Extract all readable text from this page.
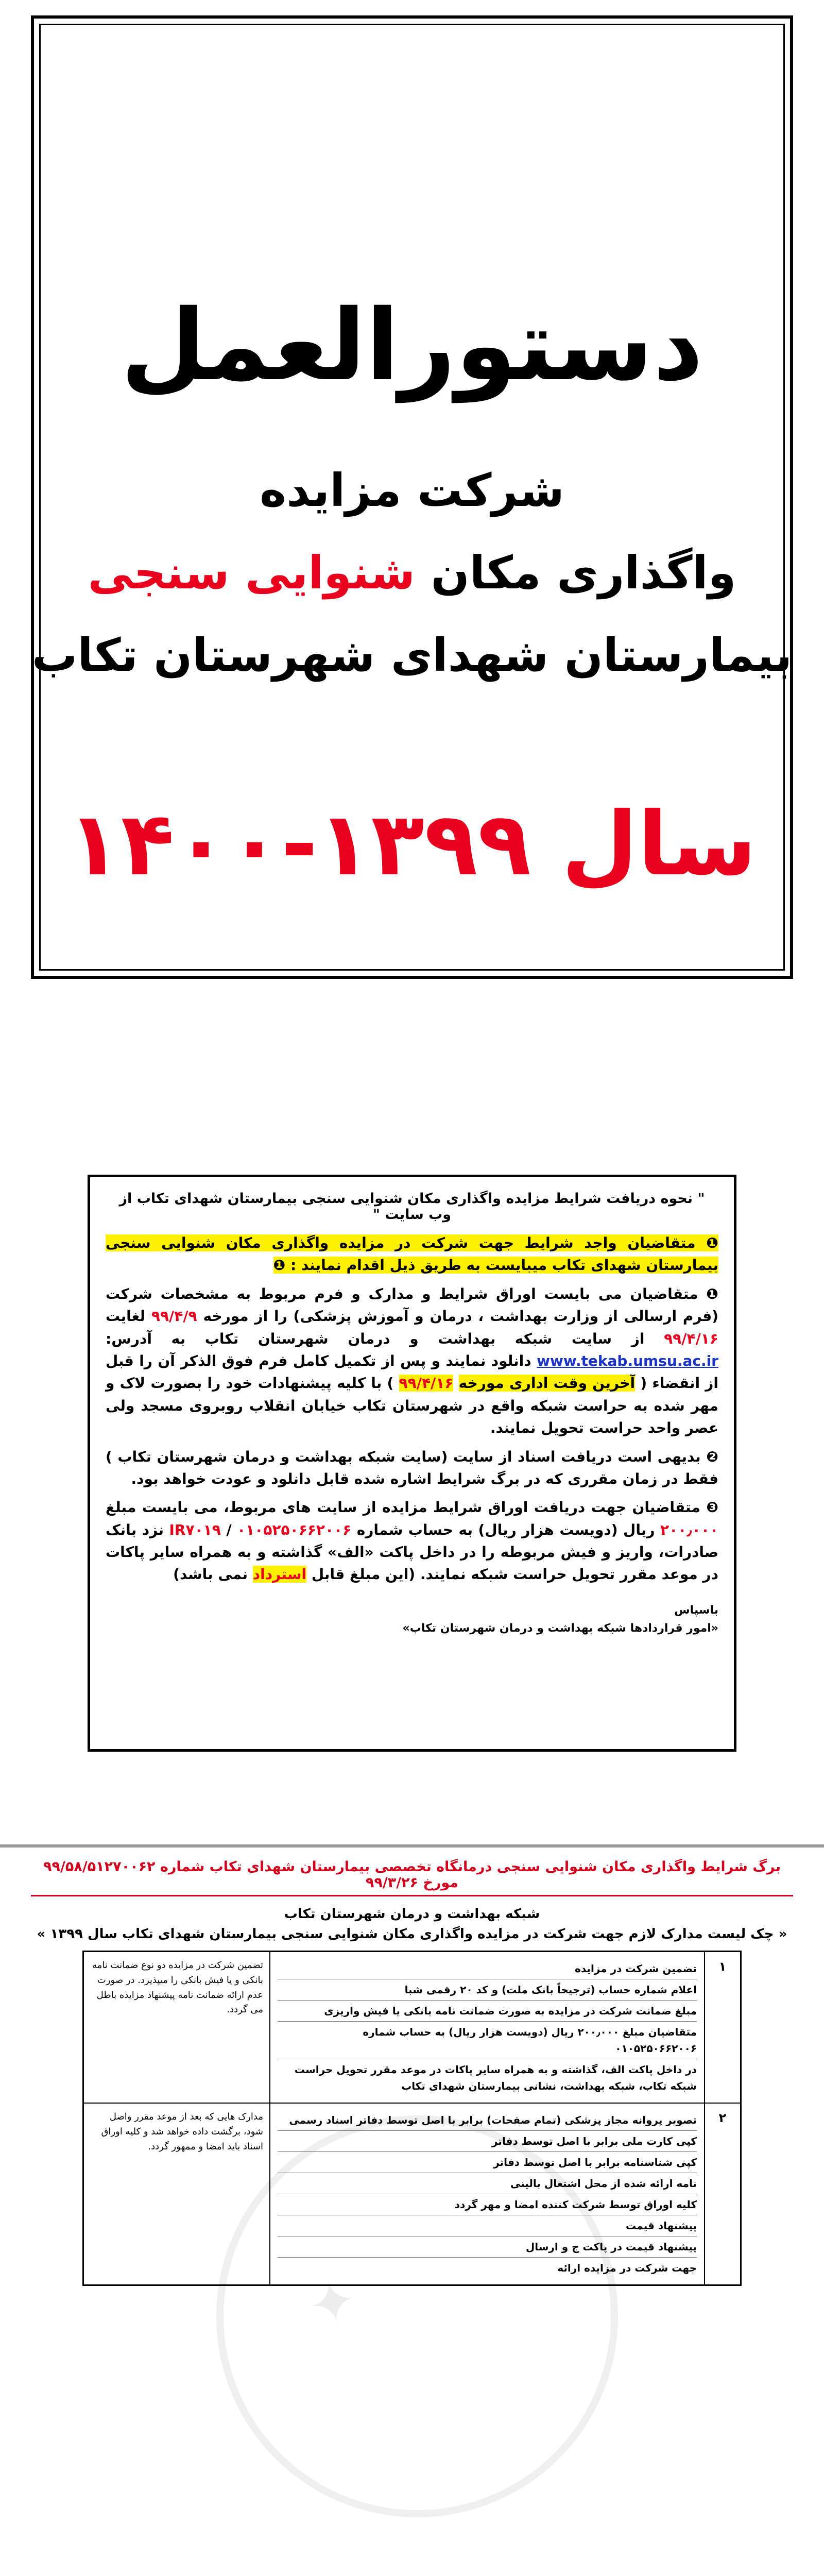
دستورالعمل
شرکت مزایده
واگذاری مکان شنوایی سنجی
بیمارستان شهدای شهرستان تکاب
سال ۱۳۹۹-۱۴۰۰
" نحوه دریافت شرایط مزایده واگذاری مکان شنوایی سنجی بیمارستان شهدای تکاب از وب سایت "

❶ متقاضیان واجد شرایط جهت شرکت در مزایده واگذاری مکان شنوایی سنجی بیمارستان شهدای تکاب میبایست به طریق ذیل اقدام نمایند : ❶

❶ متقاضیان می بایست اوراق شرایط و مدارک و فرم مربوط به مشخصات شرکت (فرم ارسالی از وزارت بهداشت ، درمان و آموزش پزشکی) را از مورخه ۹۹/۴/۹ لغایت ۹۹/۴/۱۶ از سایت شبکه بهداشت و درمان شهرستان تکاب به آدرس: www.tekab.umsu.ac.ir دانلود نمایند و پس از تکمیل کامل فرم فوق الذکر آن را قبل از انقضاء ( آخرین وقت اداری مورخه ۹۹/۴/۱۶ ) با کلیه پیشنهادات خود را بصورت لاک و مهر شده به حراست شبکه واقع در شهرستان تکاب خیابان انقلاب روبروی مسجد ولی عصر واحد حراست تحویل نمایند.

❷ بدیهی است دریافت اسناد از سایت (سایت شبکه بهداشت و درمان شهرستان تکاب ) فقط در زمان مقرری که در برگ شرایط اشاره شده قابل دانلود و عودت خواهد بود.

❸ متقاضیان جهت دریافت اوراق شرایط مزایده از سایت های مربوط، می بایست مبلغ ۲۰۰٫۰۰۰ ریال (دویست هزار ریال) به حساب شماره ۰۱۰۵۲۵۰۶۶۲۰۰۶ / IR۷۰۱۹ نزد بانک صادرات، واریز و فیش مربوطه را در داخل پاکت «الف» گذاشته و به همراه سایر پاکات در موعد مقرر تحویل حراست شبکه نمایند. (این مبلغ قابل استرداد نمی باشد)

باسپاس
«امور قراردادها شبکه بهداشت و درمان شهرستان تکاب»
برگ شرایط واگذاری مکان شنوایی سنجی درمانگاه تخصصی بیمارستان شهدای تکاب شماره ۹۹/۵۸/۵۱۲۷۰۰۶۲ مورخ ۹۹/۳/۲۶
✦
شبکه بهداشت و درمان شهرستان تکاب
« چک لیست مدارک لازم جهت شرکت در مزایده واگذاری مکان شنوایی سنجی بیمارستان شهدای تکاب سال ۱۳۹۹ »
۱
تضمین شرکت در مزایده
اعلام شماره حساب (ترجیحاً بانک ملت) و کد ۲۰ رقمی شبا
مبلغ ضمانت شرکت در مزایده به صورت ضمانت نامه بانکی یا فیش واریزی
متقاضیان مبلغ ۲۰۰٫۰۰۰ ریال (دویست هزار ریال) به حساب شماره ۰۱۰۵۲۵۰۶۶۲۰۰۶
در داخل پاکت الف، گذاشته و به همراه سایر پاکات در موعد مقرر تحویل حراست شبکه تکاب، شبکه بهداشت، نشانی بیمارستان شهدای تکاب
تضمین شرکت در مزایده دو نوع ضمانت نامه بانکی و یا فیش بانکی را میپذیرد. در صورت عدم ارائه ضمانت نامه پیشنهاد مزایده باطل می گردد.
۲
تصویر پروانه مجاز پزشکی (تمام صفحات) برابر با اصل توسط دفاتر اسناد رسمی
کپی کارت ملی برابر با اصل توسط دفاتر
کپی شناسنامه برابر با اصل توسط دفاتر
نامه ارائه شده از محل اشتغال بالینی
کلیه اوراق توسط شرکت کننده امضا و مهر گردد
پیشنهاد قیمت
پیشنهاد قیمت در پاکت ج و ارسال
جهت شرکت در مزایده ارائه
مدارک هایی که بعد از موعد مقرر واصل شود، برگشت داده خواهد شد و کلیه اوراق اسناد باید امضا و ممهور گردد.
